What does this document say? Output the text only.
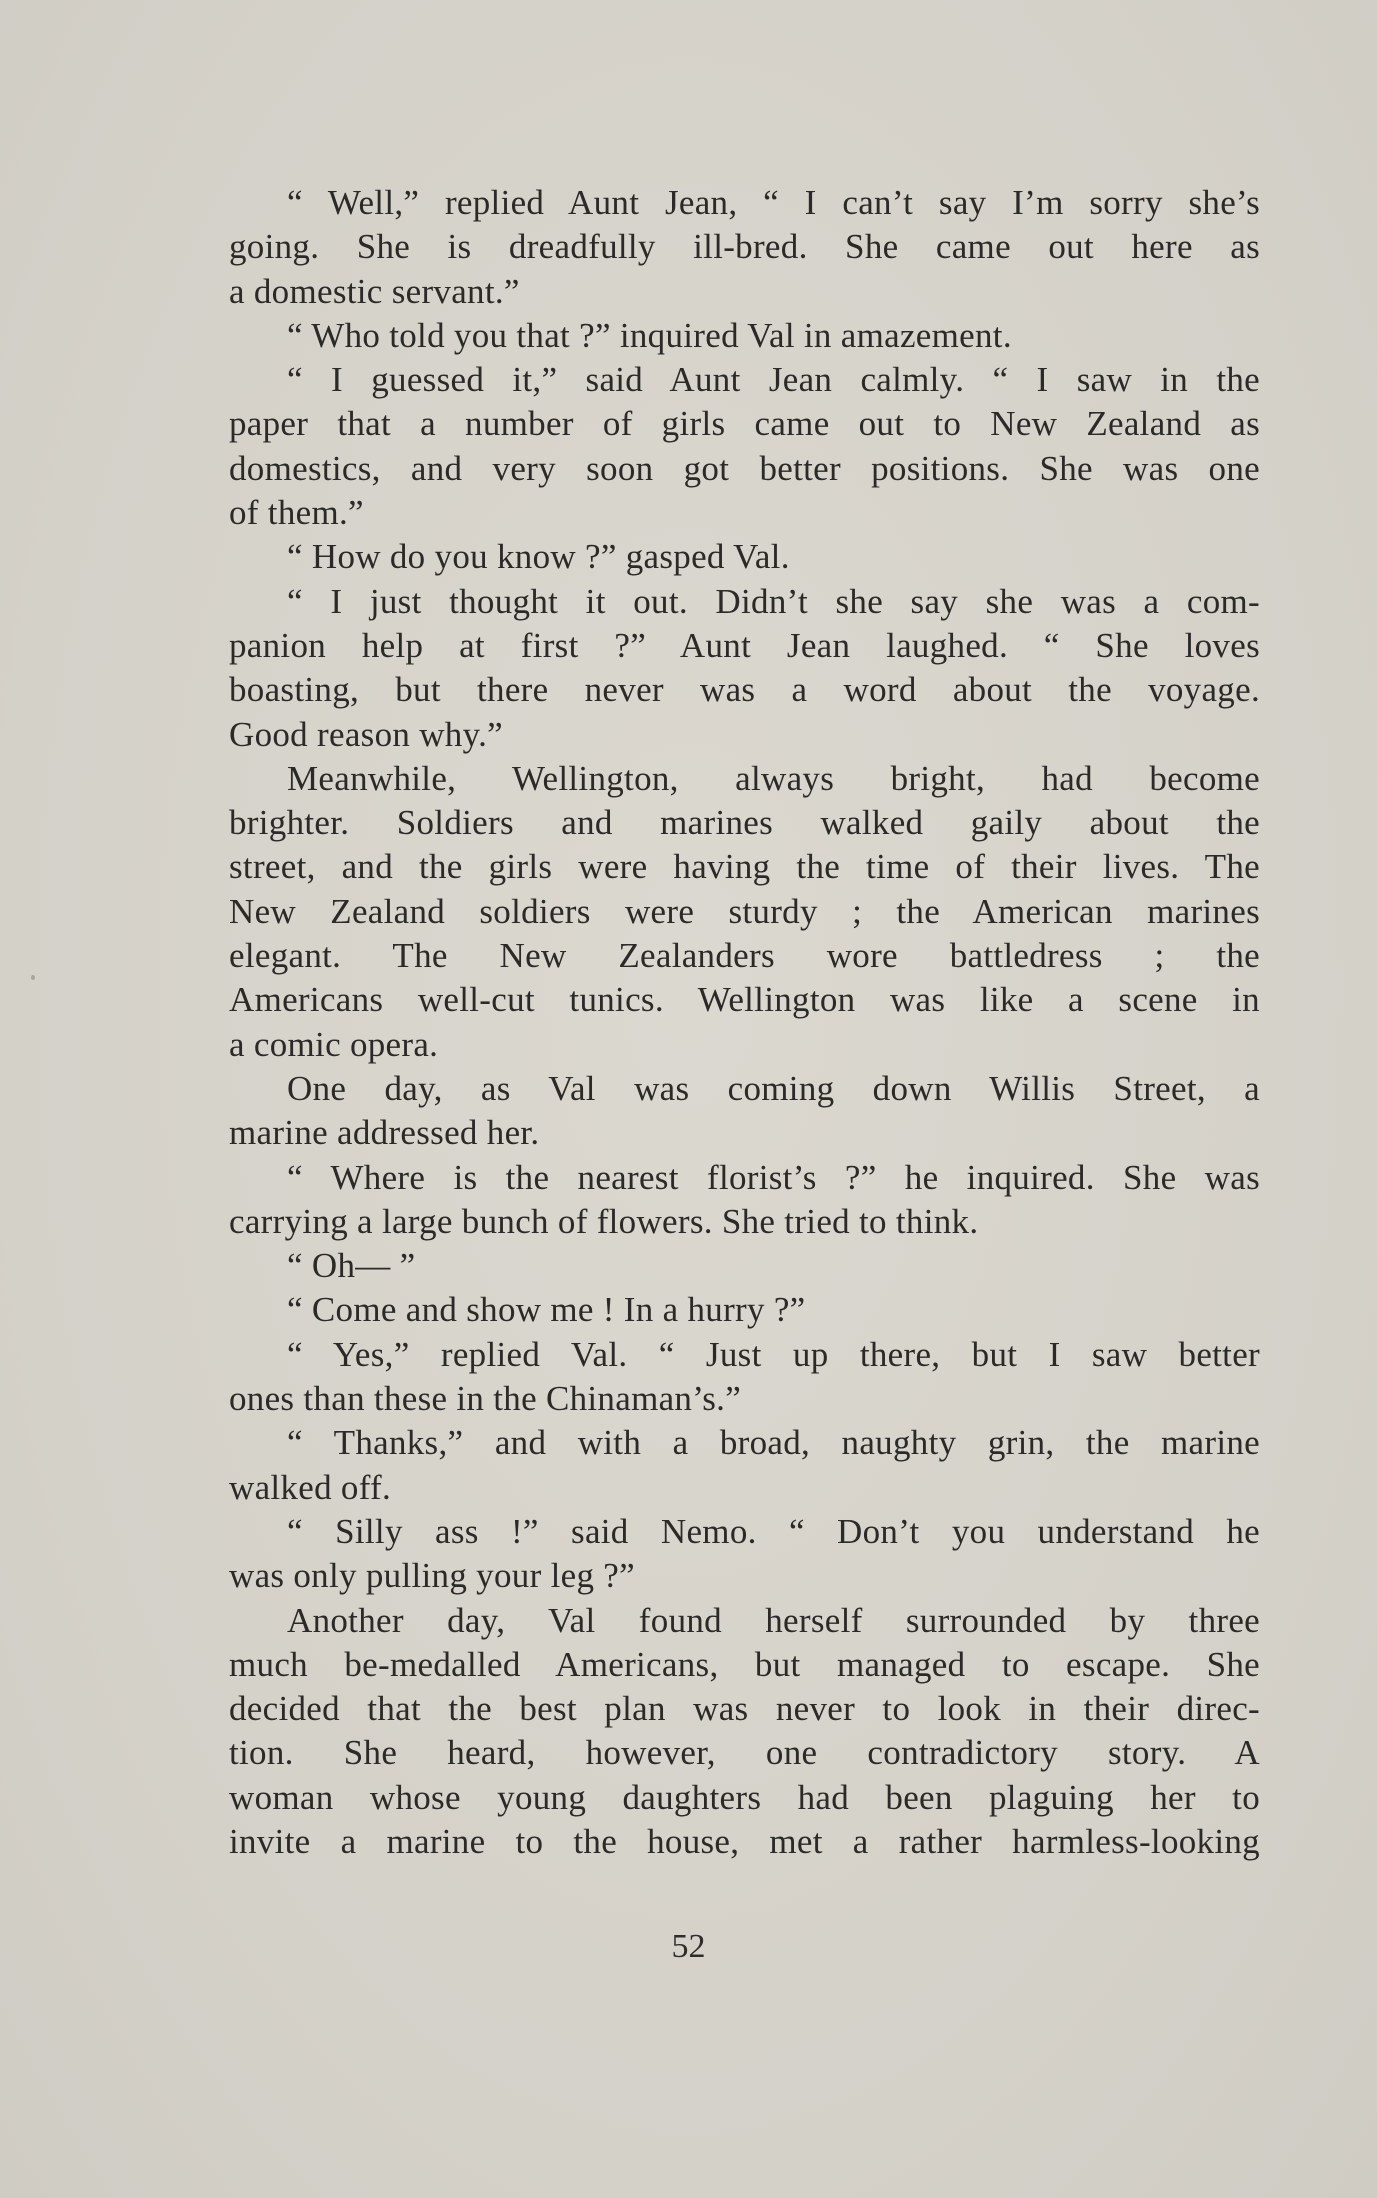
“ Well,” replied Aunt Jean, “ I can’t say I’m sorry she’s
going. She is dreadfully ill-bred. She came out here as
a domestic servant.”
“ Who told you that ?” inquired Val in amazement.
“ I guessed it,” said Aunt Jean calmly. “ I saw in the
paper that a number of girls came out to New Zealand as
domestics, and very soon got better positions. She was one
of them.”
“ How do you know ?” gasped Val.
“ I just thought it out. Didn’t she say she was a com-
panion help at first ?” Aunt Jean laughed. “ She loves
boasting, but there never was a word about the voyage.
Good reason why.”
Meanwhile, Wellington, always bright, had become
brighter. Soldiers and marines walked gaily about the
street, and the girls were having the time of their lives. The
New Zealand soldiers were sturdy ; the American marines
elegant. The New Zealanders wore battledress ; the
Americans well-cut tunics. Wellington was like a scene in
a comic opera.
One day, as Val was coming down Willis Street, a
marine addressed her.
“ Where is the nearest florist’s ?” he inquired. She was
carrying a large bunch of flowers. She tried to think.
“ Oh— ”
“ Come and show me ! In a hurry ?”
“ Yes,” replied Val. “ Just up there, but I saw better
ones than these in the Chinaman’s.”
“ Thanks,” and with a broad, naughty grin, the marine
walked off.
“ Silly ass !” said Nemo. “ Don’t you understand he
was only pulling your leg ?”
Another day, Val found herself surrounded by three
much be-medalled Americans, but managed to escape. She
decided that the best plan was never to look in their direc-
tion. She heard, however, one contradictory story. A
woman whose young daughters had been plaguing her to
invite a marine to the house, met a rather harmless-looking
52
